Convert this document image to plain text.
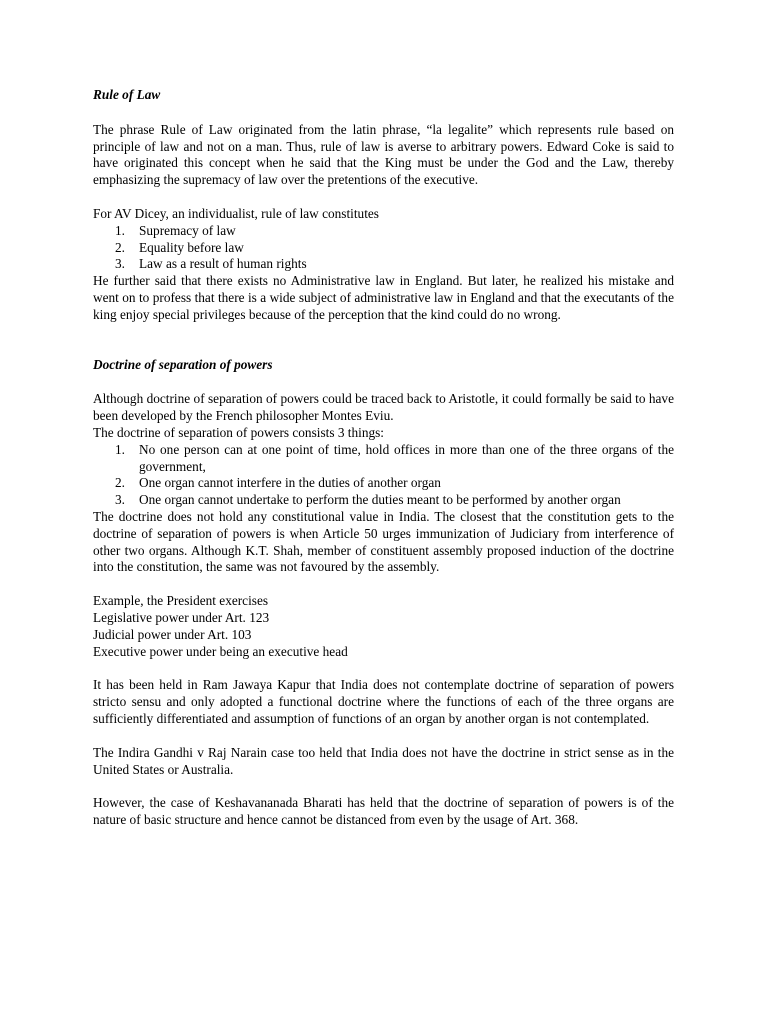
Rule of Law

The phrase Rule of Law originated from the latin phrase, “la legalite” which represents rule based on principle of law and not on a man. Thus, rule of law is averse to arbitrary powers. Edward Coke is said to have originated this concept when he said that the King must be under the God and the Law, thereby emphasizing the supremacy of law over the pretentions of the executive.

For AV Dicey, an individualist, rule of law constitutes

1. Supremacy of law
2. Equality before law
3. Law as a result of human rights

He further said that there exists no Administrative law in England. But later, he realized his mistake and went on to profess that there is a wide subject of administrative law in England and that the executants of the king enjoy special privileges because of the perception that the kind could do no wrong.

Doctrine of separation of powers

Although doctrine of separation of powers could be traced back to Aristotle, it could formally be said to have been developed by the French philosopher Montes Eviu.

The doctrine of separation of powers consists 3 things:

1. No one person can at one point of time, hold offices in more than one of the three organs of the government,
2. One organ cannot interfere in the duties of another organ
3. One organ cannot undertake to perform the duties meant to be performed by another organ

The doctrine does not hold any constitutional value in India. The closest that the constitution gets to the doctrine of separation of powers is when Article 50 urges immunization of Judiciary from interference of other two organs. Although K.T. Shah, member of constituent assembly proposed induction of the doctrine into the constitution, the same was not favoured by the assembly.

Example, the President exercises

Legislative power under Art. 123

Judicial power under Art. 103

Executive power under being an executive head

It has been held in Ram Jawaya Kapur that India does not contemplate doctrine of separation of powers stricto sensu and only adopted a functional doctrine where the functions of each of the three organs are sufficiently differentiated and assumption of functions of an organ by another organ is not contemplated.

The Indira Gandhi v Raj Narain case too held that India does not have the doctrine in strict sense as in the United States or Australia.

However, the case of Keshavananada Bharati has held that the doctrine of separation of powers is of the nature of basic structure and hence cannot be distanced from even by the usage of Art. 368.
